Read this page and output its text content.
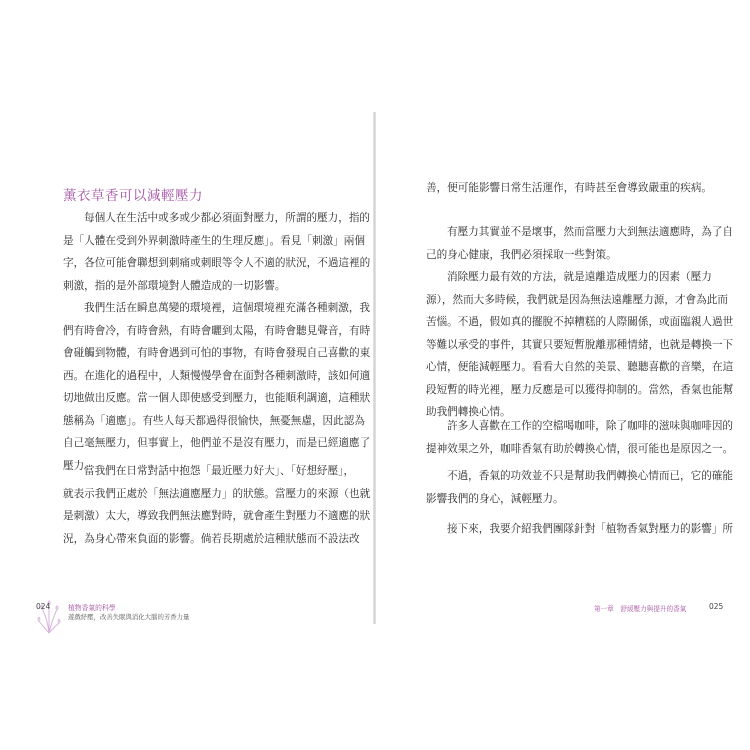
薰衣草香可以減輕壓力
每個人在生活中或多或少都必須面對壓力，所謂的壓力，指的
是「人體在受到外界刺激時產生的生理反應」。看見「刺激」兩個
字，各位可能會聯想到刺痛或刺眼等令人不適的狀況，不過這裡的
刺激，指的是外部環境對人體造成的一切影響。
我們生活在瞬息萬變的環境裡，這個環境裡充滿各種刺激，我
們有時會冷，有時會熱，有時會曬到太陽，有時會聽見聲音，有時
會碰觸到物體，有時會遇到可怕的事物，有時會發現自己喜歡的東
西。在進化的過程中，人類慢慢學會在面對各種刺激時，該如何適
切地做出反應。當一個人即使感受到壓力，也能順利調適，這種狀
態稱為「適應」。有些人每天都過得很愉快，無憂無慮，因此認為
自己毫無壓力，但事實上，他們並不是沒有壓力，而是已經適應了
壓力。
當我們在日常對話中抱怨「最近壓力好大」、「好想紓壓」，
就表示我們正處於「無法適應壓力」的狀態。當壓力的來源（也就
是刺激）太大，導致我們無法應對時，就會產生對壓力不適應的狀
況，為身心帶來負面的影響。倘若長期處於這種狀態而不設法改
024	植物香氣的科學
遊戲紓壓，改善失眠與消化大腦的芳香力量
善，便可能影響日常生活運作，有時甚至會導致嚴重的疾病。
有壓力其實並不是壞事，然而當壓力大到無法適應時，為了自
己的身心健康，我們必須採取一些對策。
消除壓力最有效的方法，就是遠離造成壓力的因素（壓力
源），然而大多時候，我們就是因為無法遠離壓力源，才會為此而
苦惱。不過，假如真的擺脫不掉糟糕的人際關係，或面臨親人過世
等難以承受的事件，其實只要短暫脫離那種情緒，也就是轉換一下
心情，便能減輕壓力。看看大自然的美景、聽聽喜歡的音樂，在這
段短暫的時光裡，壓力反應是可以獲得抑制的。當然，香氣也能幫
助我們轉換心情。
許多人喜歡在工作的空檔喝咖啡，除了咖啡的滋味與咖啡因的
提神效果之外，咖啡香氣有助於轉換心情，很可能也是原因之一。
不過，香氣的功效並不只是幫助我們轉換心情而已，它的確能
影響我們的身心，減輕壓力。
接下來，我要介紹我們團隊針對「植物香氣對壓力的影響」所
第一章　舒緩壓力與提升的香氣	025
